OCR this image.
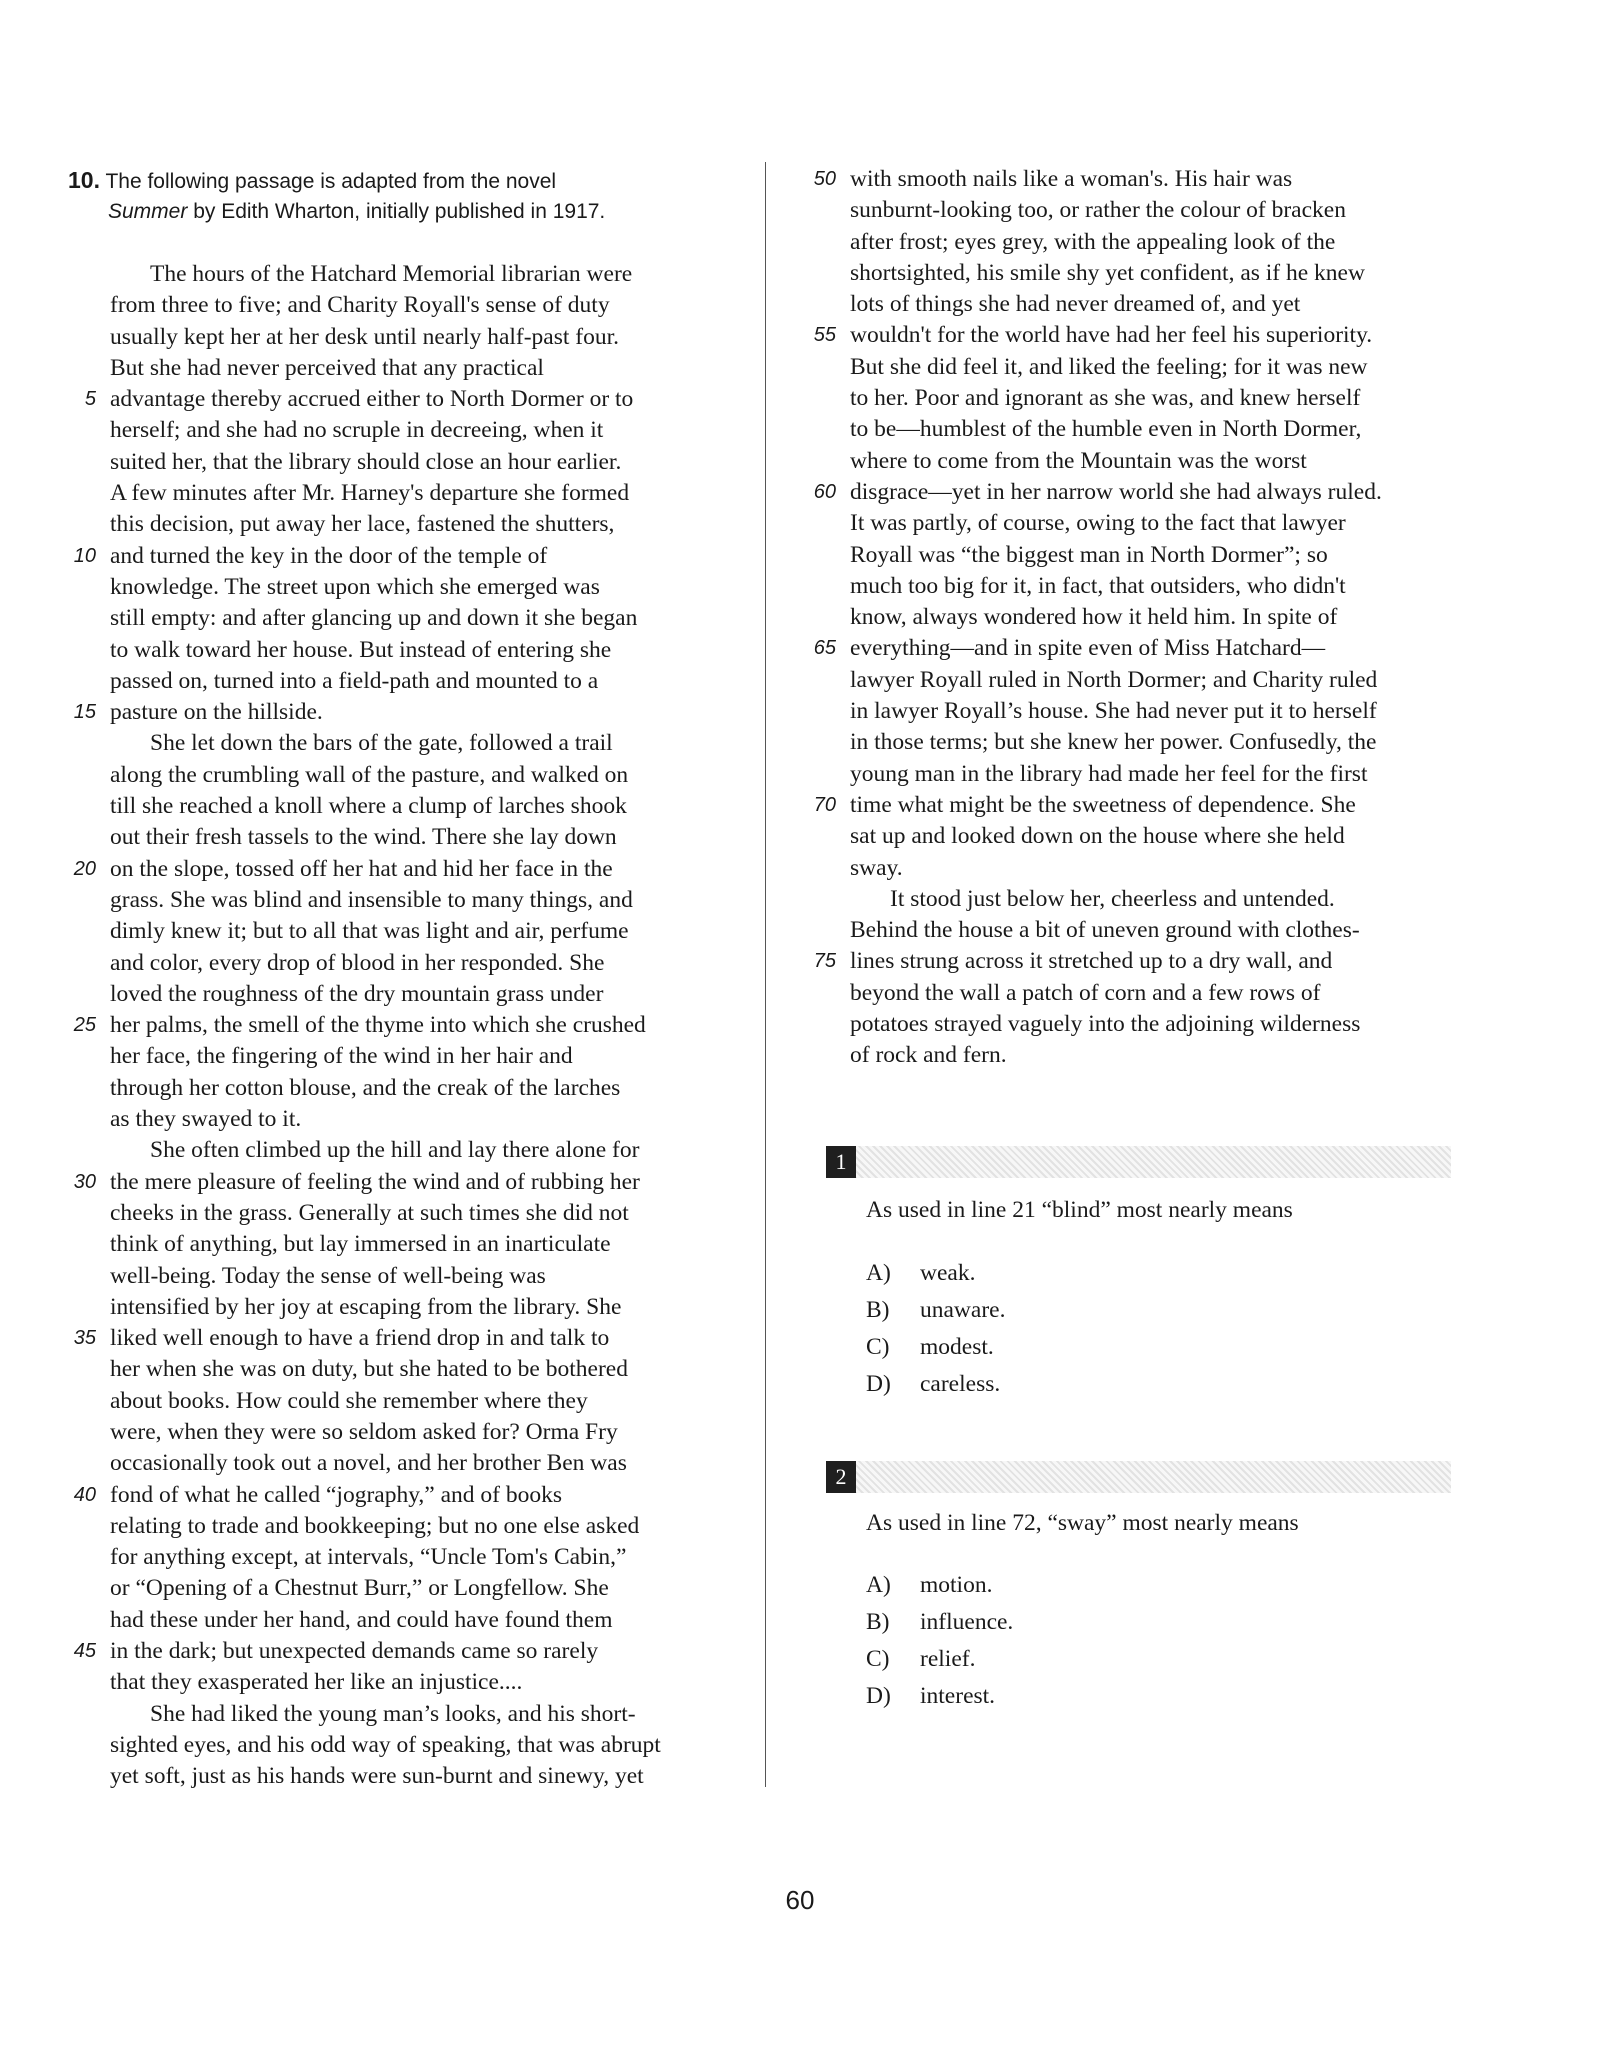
10. The following passage is adapted from the novel
Summer by Edith Wharton, initially published in 1917.
The hours of the Hatchard Memorial librarian were
from three to five; and Charity Royall's sense of duty
usually kept her at her desk until nearly half-past four.
But she had never perceived that any practical
5 advantage thereby accrued either to North Dormer or to
herself; and she had no scruple in decreeing, when it
suited her, that the library should close an hour earlier.
A few minutes after Mr. Harney's departure she formed
this decision, put away her lace, fastened the shutters,
10 and turned the key in the door of the temple of
knowledge. The street upon which she emerged was
still empty: and after glancing up and down it she began
to walk toward her house. But instead of entering she
passed on, turned into a field-path and mounted to a
15 pasture on the hillside.
She let down the bars of the gate, followed a trail
along the crumbling wall of the pasture, and walked on
till she reached a knoll where a clump of larches shook
out their fresh tassels to the wind. There she lay down
20 on the slope, tossed off her hat and hid her face in the
grass. She was blind and insensible to many things, and
dimly knew it; but to all that was light and air, perfume
and color, every drop of blood in her responded. She
loved the roughness of the dry mountain grass under
25 her palms, the smell of the thyme into which she crushed
her face, the fingering of the wind in her hair and
through her cotton blouse, and the creak of the larches
as they swayed to it.
She often climbed up the hill and lay there alone for
30 the mere pleasure of feeling the wind and of rubbing her
cheeks in the grass. Generally at such times she did not
think of anything, but lay immersed in an inarticulate
well-being. Today the sense of well-being was
intensified by her joy at escaping from the library. She
35 liked well enough to have a friend drop in and talk to
her when she was on duty, but she hated to be bothered
about books. How could she remember where they
were, when they were so seldom asked for? Orma Fry
occasionally took out a novel, and her brother Ben was
40 fond of what he called “jography,” and of books
relating to trade and bookkeeping; but no one else asked
for anything except, at intervals, “Uncle Tom's Cabin,”
or “Opening of a Chestnut Burr,” or Longfellow. She
had these under her hand, and could have found them
45 in the dark; but unexpected demands came so rarely
that they exasperated her like an injustice....
She had liked the young man’s looks, and his short-
sighted eyes, and his odd way of speaking, that was abrupt
yet soft, just as his hands were sun-burnt and sinewy, yet
50 with smooth nails like a woman's. His hair was
sunburnt-looking too, or rather the colour of bracken
after frost; eyes grey, with the appealing look of the
shortsighted, his smile shy yet confident, as if he knew
lots of things she had never dreamed of, and yet
55 wouldn't for the world have had her feel his superiority.
But she did feel it, and liked the feeling; for it was new
to her. Poor and ignorant as she was, and knew herself
to be—humblest of the humble even in North Dormer,
where to come from the Mountain was the worst
60 disgrace—yet in her narrow world she had always ruled.
It was partly, of course, owing to the fact that lawyer
Royall was “the biggest man in North Dormer”; so
much too big for it, in fact, that outsiders, who didn't
know, always wondered how it held him. In spite of
65 everything—and in spite even of Miss Hatchard—
lawyer Royall ruled in North Dormer; and Charity ruled
in lawyer Royall’s house. She had never put it to herself
in those terms; but she knew her power. Confusedly, the
young man in the library had made her feel for the first
70 time what might be the sweetness of dependence. She
sat up and looked down on the house where she held
sway.
It stood just below her, cheerless and untended.
Behind the house a bit of uneven ground with clothes-
75 lines strung across it stretched up to a dry wall, and
beyond the wall a patch of corn and a few rows of
potatoes strayed vaguely into the adjoining wilderness
of rock and fern.
1
As used in line 21 “blind” most nearly means
A) weak.
B) unaware.
C) modest.
D) careless.
2
As used in line 72, “sway” most nearly means
A) motion.
B) influence.
C) relief.
D) interest.
60
